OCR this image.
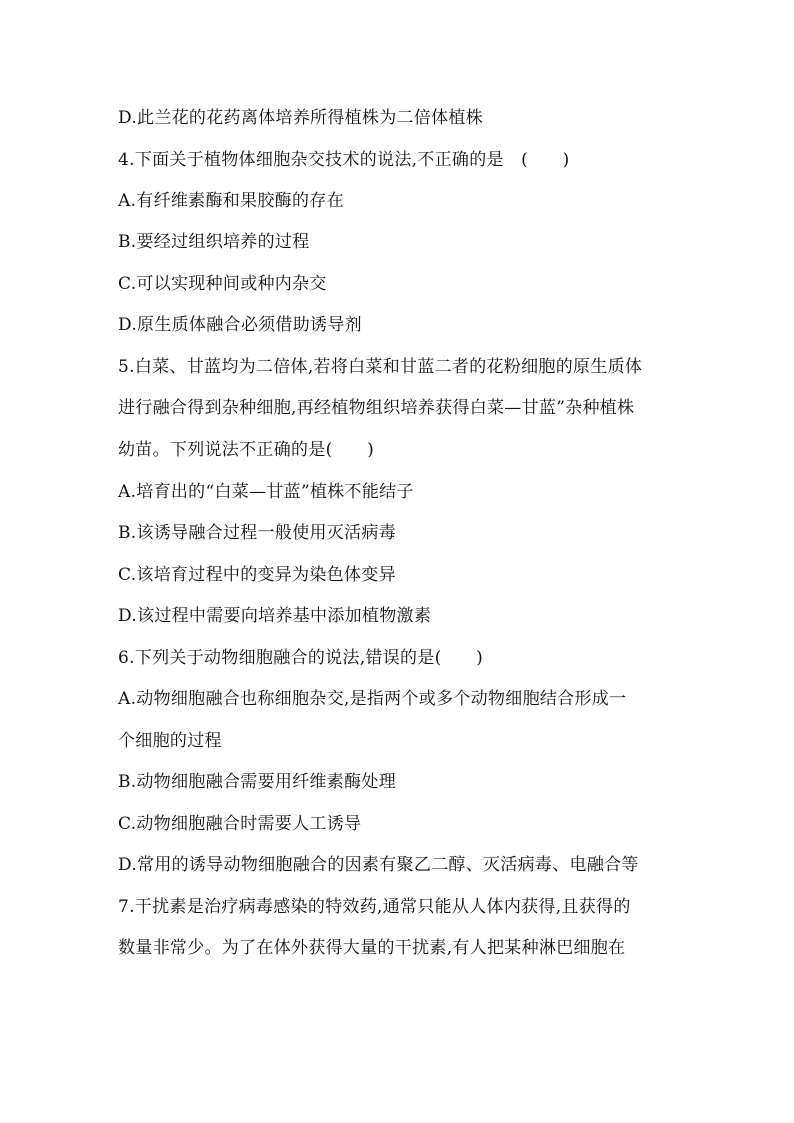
D.此兰花的花药离体培养所得植株为二倍体植株
4.下面关于植物体细胞杂交技术的说法,不正确的是　(　　)
A.有纤维素酶和果胶酶的存在
B.要经过组织培养的过程
C.可以实现种间或种内杂交
D.原生质体融合必须借助诱导剂
5.白菜、甘蓝均为二倍体,若将白菜和甘蓝二者的花粉细胞的原生质体
进行融合得到杂种细胞,再经植物组织培养获得白菜—甘蓝”杂种植株
幼苗。下列说法不正确的是(　　)
A.培育出的“白菜—甘蓝”植株不能结子
B.该诱导融合过程一般使用灭活病毒
C.该培育过程中的变异为染色体变异
D.该过程中需要向培养基中添加植物激素
6.下列关于动物细胞融合的说法,错误的是(　　)
A.动物细胞融合也称细胞杂交,是指两个或多个动物细胞结合形成一
个细胞的过程
B.动物细胞融合需要用纤维素酶处理
C.动物细胞融合时需要人工诱导
D.常用的诱导动物细胞融合的因素有聚乙二醇、灭活病毒、电融合等
7.干扰素是治疗病毒感染的特效药,通常只能从人体内获得,且获得的
数量非常少。为了在体外获得大量的干扰素,有人把某种淋巴细胞在
